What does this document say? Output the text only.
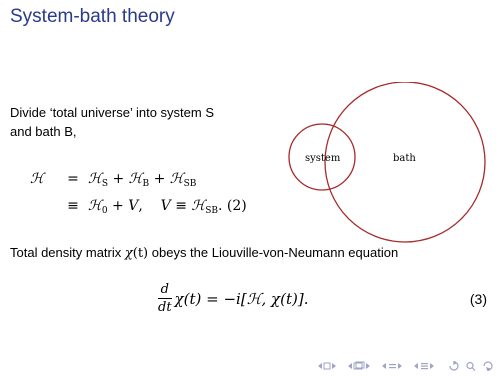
System-bath theory
Divide ‘total universe’ into system S
and bath B,
system	bath
ℋ = ℋ$_S$ + ℋ$_B$ + ℋ$_{SB}$
≡ ℋ$_0$ + V, V ≡ ℋ$_{SB}$. (2)
Total density matrix χ(t) obeys the Liouville-von-Neumann equation
$\frac{d}{dt} \chi(t)$ = −i[ℋ, χ(t)].	(3)
